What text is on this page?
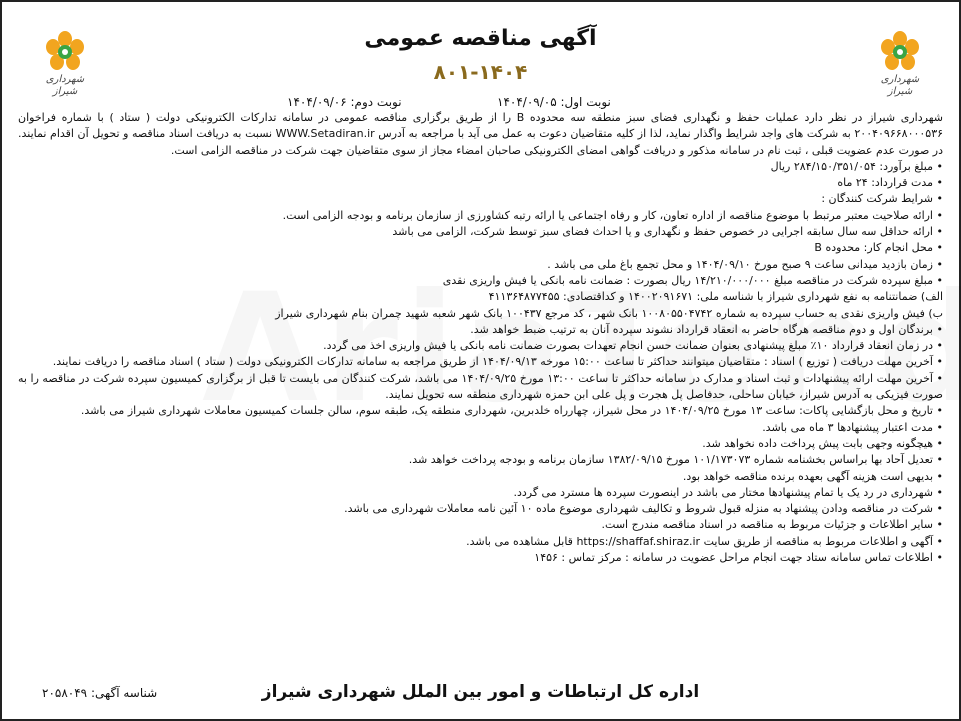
شهرداری شیراز
شهرداری شیراز
آگهی مناقصه عمومی
۸۰۱-۱۴۰۴
نوبت اول: ۱۴۰۴/۰۹/۰۵
نوبت دوم: ۱۴۰۴/۰۹/۰۶

شهرداری شیراز در نظر دارد عملیات حفظ و نگهداری فضای سبز منطقه سه محدوده B را از طریق برگزاری مناقصه عمومی در سامانه تدارکات الکترونیکی دولت ( ستاد ) با شماره فراخوان ۲۰۰۴۰۹۶۶۸۰۰۰۵۳۶ به شرکت های واجد شرایط واگذار نماید، لذا از کلیه متقاضیان دعوت به عمل می آید با مراجعه به آدرس WWW.Setadiran.ir نسبت به دریافت اسناد مناقصه و تحویل آن اقدام نمایند. در صورت عدم عضویت قبلی ، ثبت نام در سامانه مذکور و دریافت گواهی امضای الکترونیکی صاحبان امضاء مجاز از سوی متقاضیان جهت شرکت در مناقصه الزامی است.

• مبلغ برآورد: ۲۸۴/۱۵۰/۳۵۱/۰۵۴ ریال

• مدت قرارداد: ۲۴ ماه

• شرایط شرکت کنندگان :

• ارائه صلاحیت معتبر مرتبط با موضوع مناقصه از اداره تعاون، کار و رفاه اجتماعی یا ارائه رتبه کشاورزی از سازمان برنامه و بودجه الزامی است.

• ارائه حداقل سه سال سابقه اجرایی در خصوص حفظ و نگهداری و یا احداث فضای سبز توسط شرکت، الزامی می باشد

• محل انجام کار: محدوده B

• زمان بازدید میدانی ساعت ۹ صبح مورخ ۱۴۰۴/۰۹/۱۰ و محل تجمع باغ ملی می باشد .

• مبلغ سپرده شرکت در مناقصه مبلغ ۱۴/۲۱۰/۰۰۰/۰۰۰ ریال بصورت : ضمانت نامه بانکی یا فیش واریزی نقدی

الف) ضمانتنامه به نفع شهرداری شیراز با شناسه ملی: ۱۴۰۰۲۰۹۱۶۷۱ و کداقتصادی: ۴۱۱۳۶۴۸۷۷۴۵۵

ب) فیش واریزی نقدی به حساب سپرده به شماره ۱۰۰۸۰۵۵۰۴۷۴۲ بانک شهر ، کد مرجع ۱۰۰۴۳۷ بانک شهر شعبه شهید چمران بنام شهرداری شیراز

• برندگان اول و دوم مناقصه هرگاه حاضر به انعقاد قرارداد نشوند سپرده آنان به ترتیب ضبط خواهد شد.

• در زمان انعقاد قرارداد ۱۰٪ مبلغ پیشنهادی بعنوان ضمانت حسن انجام تعهدات بصورت ضمانت نامه بانکی یا فیش واریزی اخذ می گردد.

• آخرین مهلت دریافت ( توزیع ) اسناد : متقاضیان میتوانند حداکثر تا ساعت ۱۵:۰۰ مورخه ۱۴۰۴/۰۹/۱۳ از طریق مراجعه به سامانه تدارکات الکترونیکی دولت ( ستاد ) اسناد مناقصه را دریافت نمایند.

• آخرین مهلت ارائه پیشنهادات و ثبت اسناد و مدارک در سامانه حداکثر تا ساعت ۱۳:۰۰ مورخ ۱۴۰۴/۰۹/۲۵ می باشد، شرکت کنندگان می بایست تا قبل از برگزاری کمیسیون سپرده شرکت در مناقصه را به صورت فیزیکی به آدرس شیراز، خیابان ساحلی، حدفاصل پل هجرت و پل علی ابن حمزه شهرداری منطقه سه تحویل نمایند.

• تاریخ و محل بازگشایی پاکات: ساعت ۱۳ مورخ ۱۴۰۴/۰۹/۲۵ در محل شیراز، چهارراه خلدبرین، شهرداری منطقه یک، طبقه سوم، سالن جلسات کمیسیون معاملات شهرداری شیراز می باشد.

• مدت اعتبار پیشنهادها ۳ ماه می باشد.

• هیچگونه وجهی بابت پیش پرداخت داده نخواهد شد.

• تعدیل آحاد بها براساس بخشنامه شماره ۱۰۱/۱۷۳۰۷۳ مورخ ۱۳۸۲/۰۹/۱۵ سازمان برنامه و بودجه پرداخت خواهد شد.

• بدیهی است هزینه آگهی بعهده برنده مناقصه خواهد بود.

• شهرداری در رد یک یا تمام پیشنهادها مختار می باشد در اینصورت سپرده ها مسترد می گردد.

• شرکت در مناقصه ودادن پیشنهاد به منزله قبول شروط و تکالیف شهرداری موضوع ماده ۱۰ آئین نامه معاملات شهرداری می باشد.

• سایر اطلاعات و جزئیات مربوط به مناقصه در اسناد مناقصه مندرج است.

• آگهی و اطلاعات مربوط به مناقصه از طریق سایت https://shaffaf.shiraz.ir قابل مشاهده می باشد.

• اطلاعات تماس سامانه ستاد جهت انجام مراحل عضویت در سامانه : مرکز تماس : ۱۴۵۶

شناسه آگهی: ۲۰۵۸۰۴۹	اداره کل ارتباطات و امور بین الملل شهرداری شیراز
